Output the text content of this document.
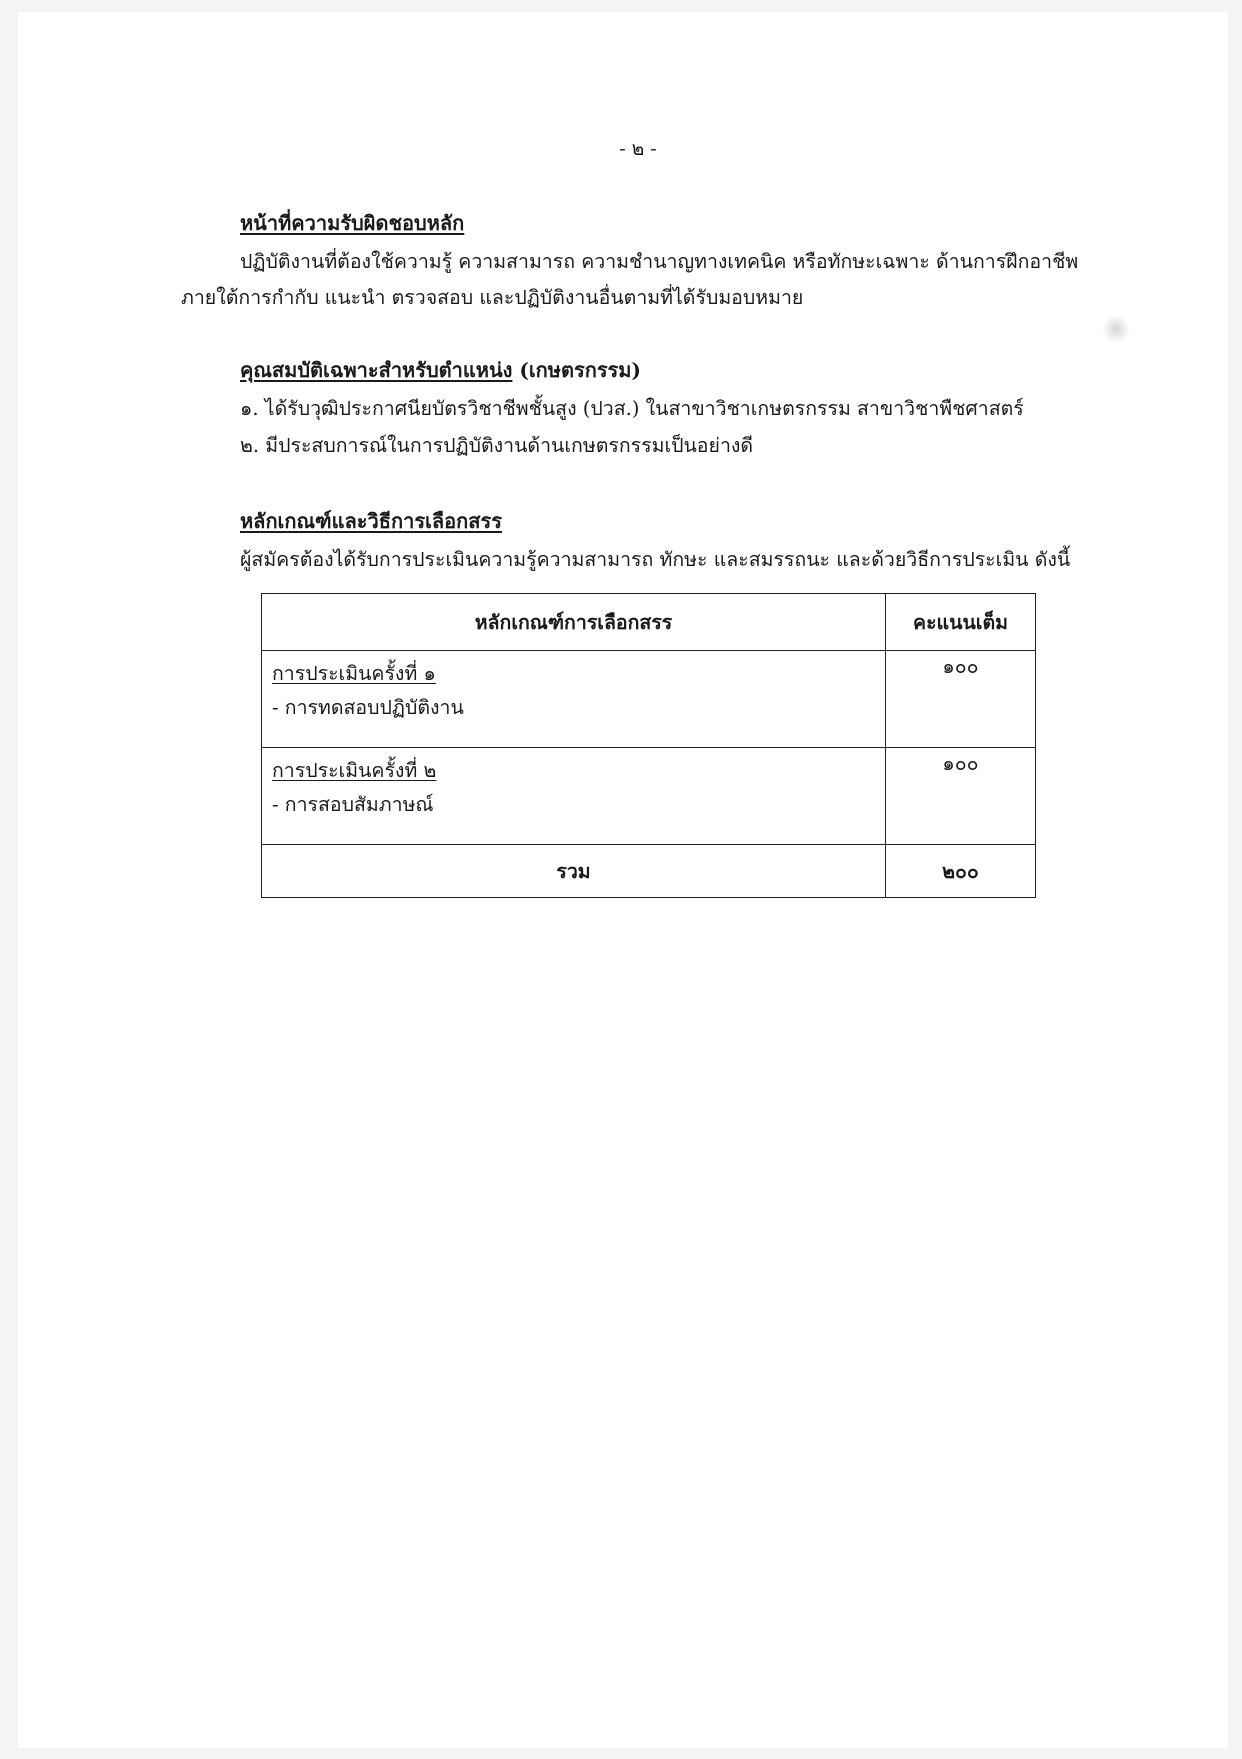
- ๒ -
หน้าที่ความรับผิดชอบหลัก
ปฏิบัติงานที่ต้องใช้ความรู้ ความสามารถ ความชำนาญทางเทคนิค หรือทักษะเฉพาะ ด้านการฝึกอาชีพ
ภายใต้การกำกับ แนะนำ ตรวจสอบ และปฏิบัติงานอื่นตามที่ได้รับมอบหมาย
คุณสมบัติเฉพาะสำหรับตำแหน่ง (เกษตรกรรม)
๑. ได้รับวุฒิประกาศนียบัตรวิชาชีพชั้นสูง (ปวส.) ในสาขาวิชาเกษตรกรรม สาขาวิชาพืชศาสตร์
๒. มีประสบการณ์ในการปฏิบัติงานด้านเกษตรกรรมเป็นอย่างดี
หลักเกณฑ์และวิธีการเลือกสรร
ผู้สมัครต้องได้รับการประเมินความรู้ความสามารถ ทักษะ และสมรรถนะ และด้วยวิธีการประเมิน ดังนี้
หลักเกณฑ์การเลือกสรร	คะแนนเต็ม

การประเมินครั้งที่ ๑
- การทดสอบปฏิบัติงาน	๑๐๐

การประเมินครั้งที่ ๒
- การสอบสัมภาษณ์	๑๐๐
รวม	๒๐๐
